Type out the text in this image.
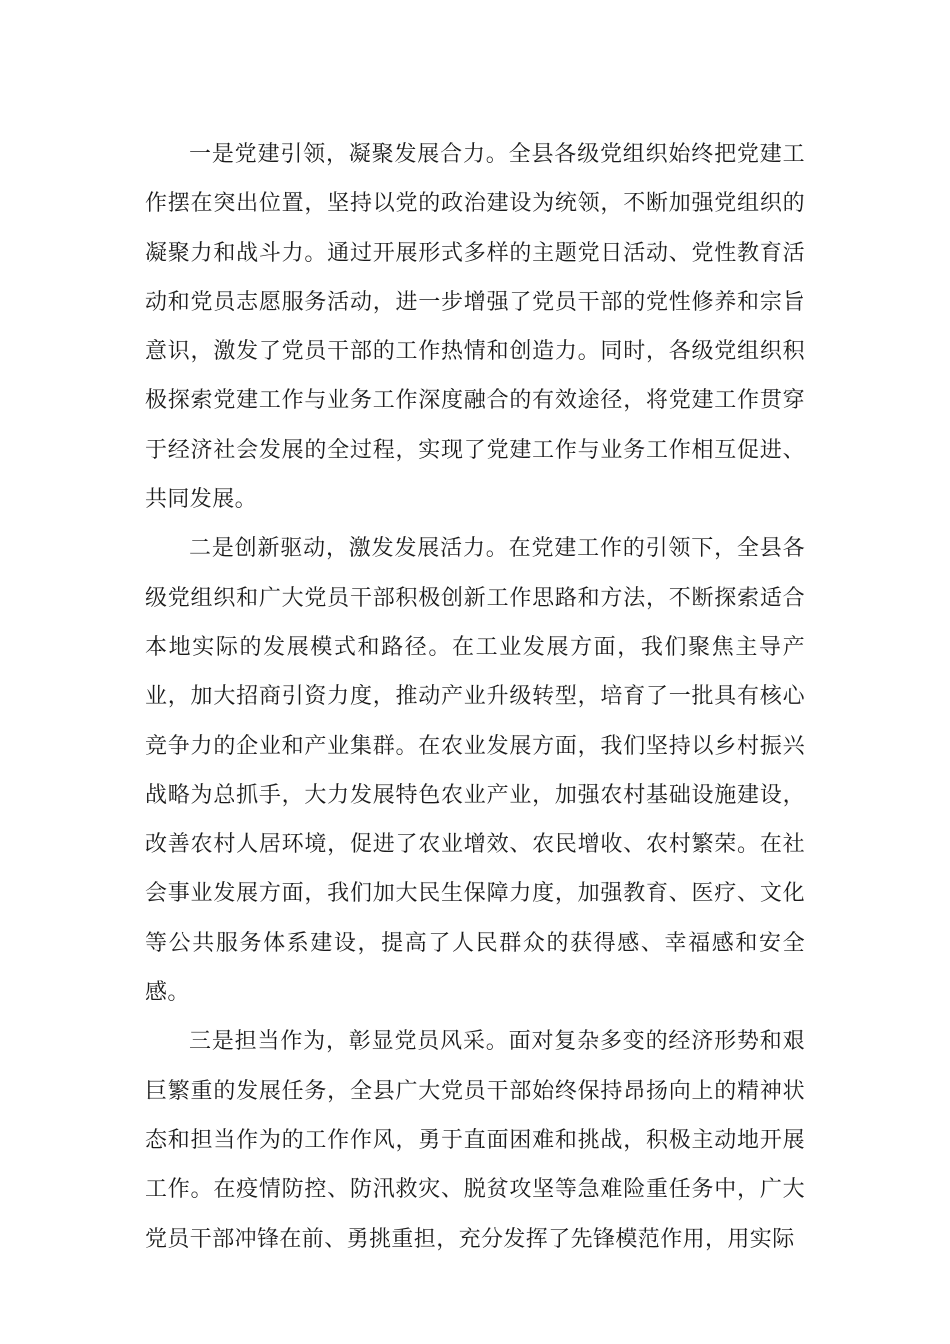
一是党建引领，凝聚发展合力。全县各级党组织始终把党建工作摆在突出位置，坚持以党的政治建设为统领，不断加强党组织的凝聚力和战斗力。通过开展形式多样的主题党日活动、党性教育活动和党员志愿服务活动，进一步增强了党员干部的党性修养和宗旨意识，激发了党员干部的工作热情和创造力。同时，各级党组织积极探索党建工作与业务工作深度融合的有效途径，将党建工作贯穿于经济社会发展的全过程，实现了党建工作与业务工作相互促进、共同发展。

二是创新驱动，激发发展活力。在党建工作的引领下，全县各级党组织和广大党员干部积极创新工作思路和方法，不断探索适合本地实际的发展模式和路径。在工业发展方面，我们聚焦主导产业，加大招商引资力度，推动产业升级转型，培育了一批具有核心竞争力的企业和产业集群。在农业发展方面，我们坚持以乡村振兴战略为总抓手，大力发展特色农业产业，加强农村基础设施建设，改善农村人居环境，促进了农业增效、农民增收、农村繁荣。在社会事业发展方面，我们加大民生保障力度，加强教育、医疗、文化等公共服务体系建设，提高了人民群众的获得感、幸福感和安全感。

三是担当作为，彰显党员风采。面对复杂多变的经济形势和艰巨繁重的发展任务，全县广大党员干部始终保持昂扬向上的精神状态和担当作为的工作作风，勇于直面困难和挑战，积极主动地开展工作。在疫情防控、防汛救灾、脱贫攻坚等急难险重任务中，广大党员干部冲锋在前、勇挑重担，充分发挥了先锋模范作用，用实际
